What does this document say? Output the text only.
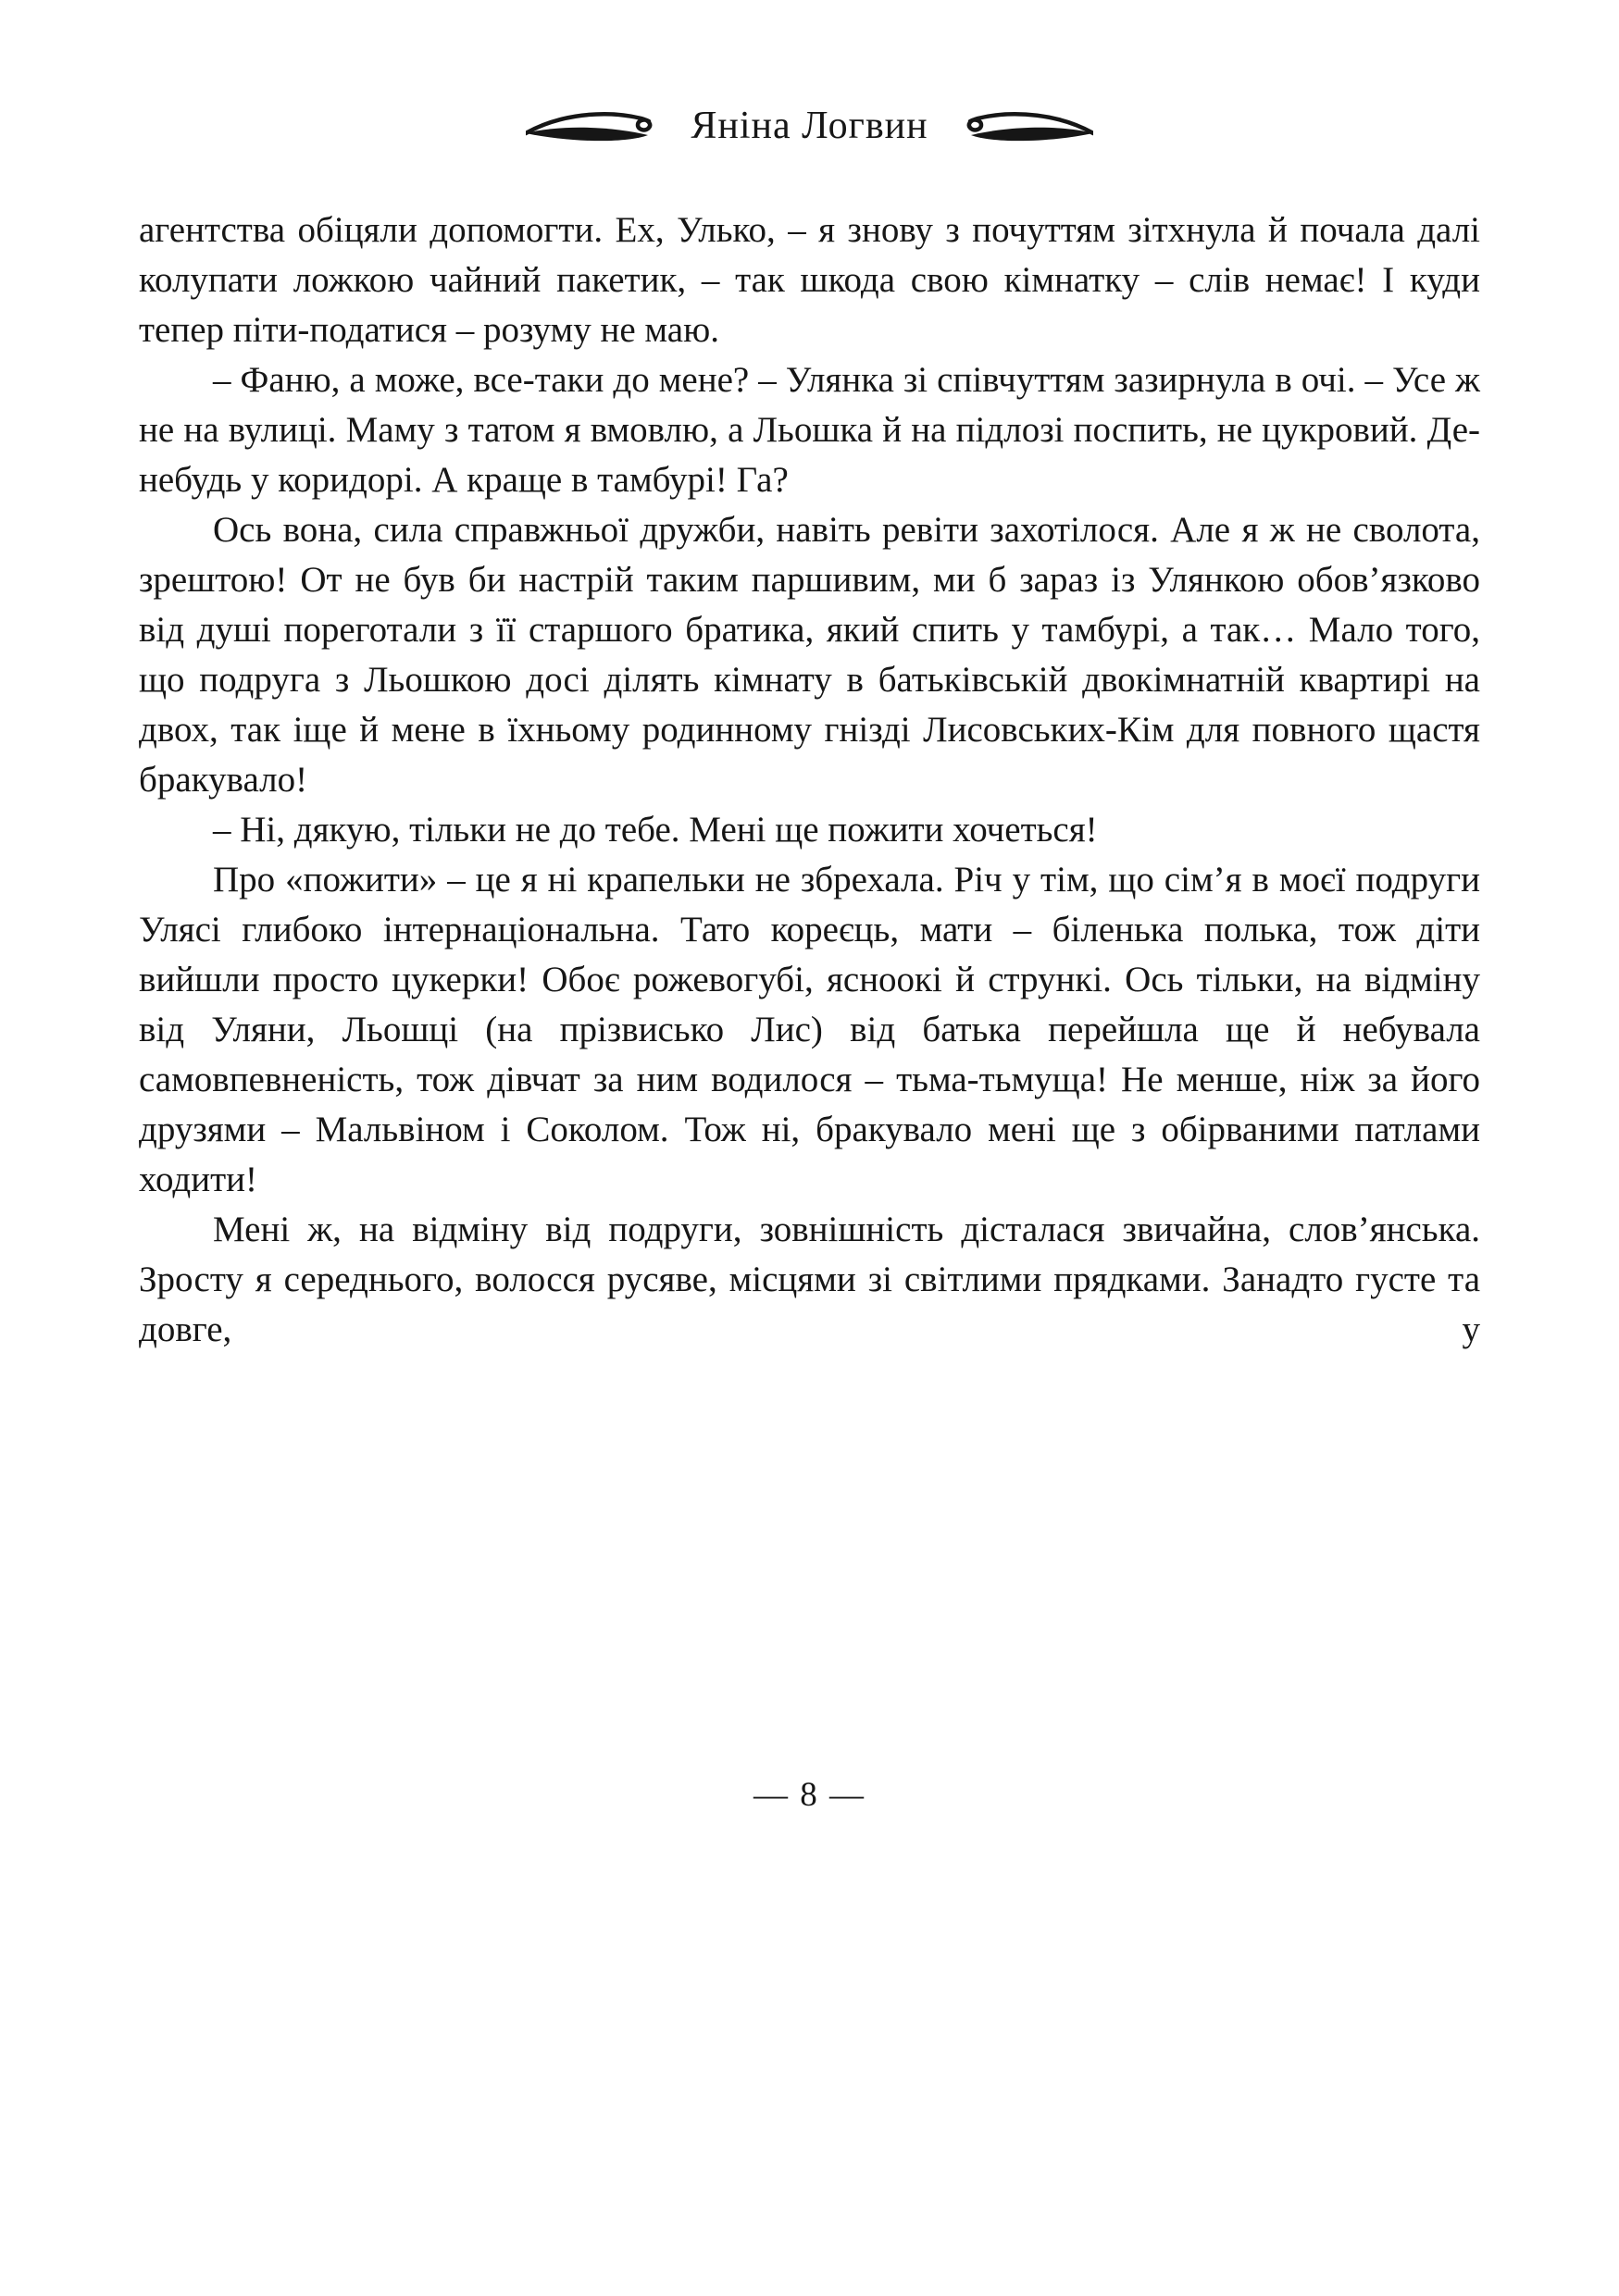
Яніна Логвин

агентства обіцяли допомогти. Ех, Улько, – я знову з почуттям зітхнула й почала далі колупати ложкою чайний пакетик, – так шкода свою кімнатку – слів немає! І куди тепер піти-податися – розуму не маю.

– Фаню, а може, все-таки до мене? – Улянка зі співчуттям зазирнула в очі. – Усе ж не на вулиці. Маму з татом я вмовлю, а Льошка й на підлозі поспить, не цукровий. Де-небудь у коридорі. А краще в тамбурі! Га?

Ось вона, сила справжньої дружби, навіть ревіти захотілося. Але я ж не сволота, зрештою! От не був би настрій таким паршивим, ми б зараз із Улянкою обов’язково від душі пореготали з її старшого братика, який спить у тамбурі, а так… Мало того, що подруга з Льошкою досі ділять кімнату в батьківській двокімнатній квартирі на двох, так іще й мене в їхньому родинному гнізді Лисовських-Кім для повного щастя бракувало!

– Ні, дякую, тільки не до тебе. Мені ще пожити хочеться!

Про «пожити» – це я ні крапельки не збрехала. Річ у тім, що сім’я в моєї подруги Улясі глибоко інтернаціональна. Тато кореєць, мати – біленька полька, тож діти вийшли просто цукерки! Обоє рожевогубі, ясноокі й стрункі. Ось тільки, на відміну від Уляни, Льошці (на прізвисько Лис) від батька перейшла ще й небувала самовпевненість, тож дівчат за ним водилося – тьма-тьмуща! Не менше, ніж за його друзями – Мальвіном і Соколом. Тож ні, бракувало мені ще з обірваними патлами ходити!

Мені ж, на відміну від подруги, зовнішність дісталася звичайна, слов’янська. Зросту я середнього, волосся русяве, місцями зі світлими прядками. Занадто густе та довге, у

— 8 —
